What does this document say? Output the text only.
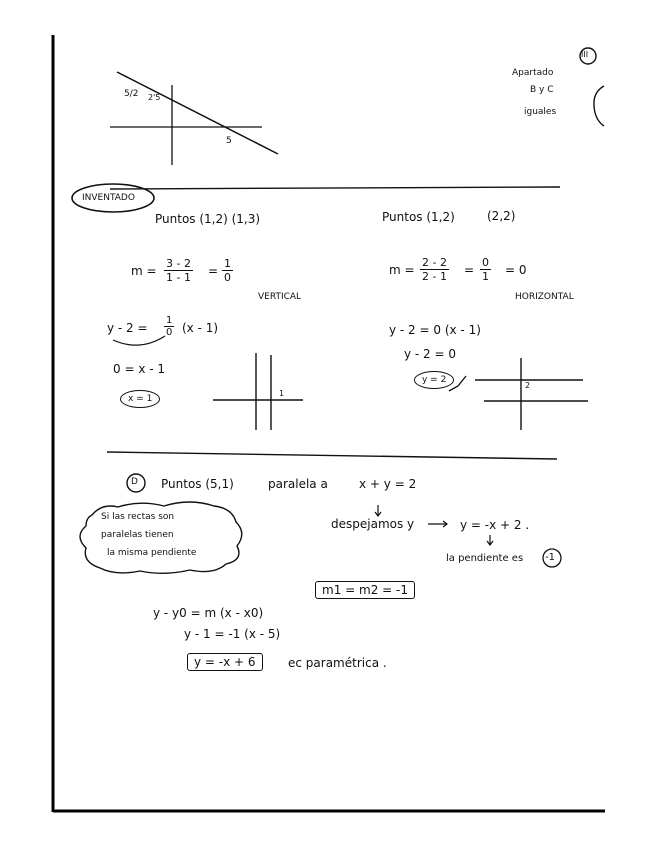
III
Apartado
B y C
iguales
5/2 2'5
5
INVENTADO
Puntos (1,2) (1,3)
$m = \frac{3 - 2}{1 - 1} = \frac{1}{0}$
VERTICAL
$y - 2 = \frac{1}{0} (x - 1)$
0 = x - 1
x = 1
1
Puntos (1,2)	(2,2)
$m = \frac{2 - 2}{2 - 1} = \frac{0}{1} = 0$
HORIZONTAL
y - 2 = 0 (x - 1)
y - 2 = 0
y = 2
2
D Puntos (5,1)	paralela a	x + y = 2
Si las rectas son
paralelas tienen
la misma pendiente
despejamos y	y = -x + 2 .
la pendiente es -1
m1 = m2 = -1
y - y0 = m (x - x0)
y - 1 = -1 (x - 5)
y = -x + 6	ec paramétrica .
